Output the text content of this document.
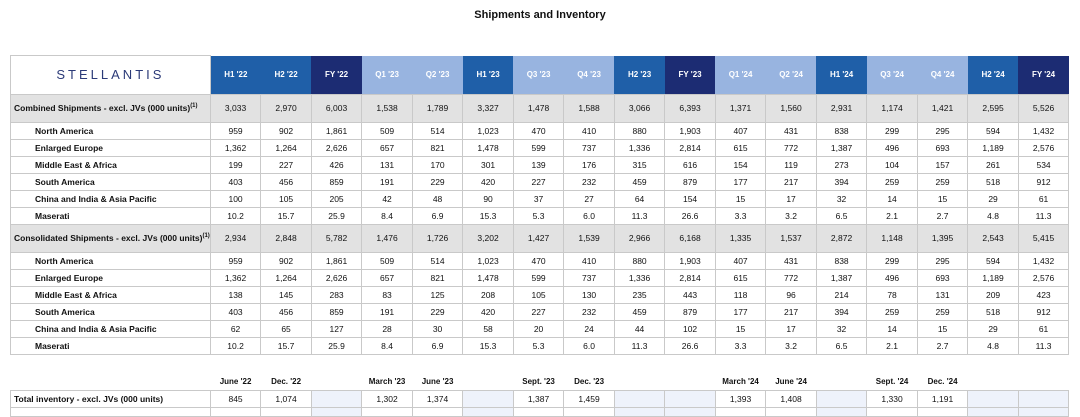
Shipments and Inventory
STELLANTIS	H1 '22	H2 '22	FY '22	Q1 '23	Q2 '23	H1 '23	Q3 '23	Q4 '23	H2 '23	FY '23	Q1 '24	Q2 '24	H1 '24	Q3 '24	Q4 '24	H2 '24	FY '24
Combined Shipments - excl. JVs (000 units)$^{(1)}$	3,033	2,970	6,003	1,538	1,789	3,327	1,478	1,588	3,066	6,393	1,371	1,560	2,931	1,174	1,421	2,595	5,526
North America	959	902	1,861	509	514	1,023	470	410	880	1,903	407	431	838	299	295	594	1,432
Enlarged Europe	1,362	1,264	2,626	657	821	1,478	599	737	1,336	2,814	615	772	1,387	496	693	1,189	2,576
Middle East & Africa	199	227	426	131	170	301	139	176	315	616	154	119	273	104	157	261	534
South America	403	456	859	191	229	420	227	232	459	879	177	217	394	259	259	518	912
China and India & Asia Pacific	100	105	205	42	48	90	37	27	64	154	15	17	32	14	15	29	61
Maserati	10.2	15.7	25.9	8.4	6.9	15.3	5.3	6.0	11.3	26.6	3.3	3.2	6.5	2.1	2.7	4.8	11.3
Consolidated Shipments - excl. JVs (000 units)$^{(1)}$	2,934	2,848	5,782	1,476	1,726	3,202	1,427	1,539	2,966	6,168	1,335	1,537	2,872	1,148	1,395	2,543	5,415
North America	959	902	1,861	509	514	1,023	470	410	880	1,903	407	431	838	299	295	594	1,432
Enlarged Europe	1,362	1,264	2,626	657	821	1,478	599	737	1,336	2,814	615	772	1,387	496	693	1,189	2,576
Middle East & Africa	138	145	283	83	125	208	105	130	235	443	118	96	214	78	131	209	423
South America	403	456	859	191	229	420	227	232	459	879	177	217	394	259	259	518	912
China and India & Asia Pacific	62	65	127	28	30	58	20	24	44	102	15	17	32	14	15	29	61
Maserati	10.2	15.7	25.9	8.4	6.9	15.3	5.3	6.0	11.3	26.6	3.3	3.2	6.5	2.1	2.7	4.8	11.3

	June '22	Dec. '22		March '23	June '23		Sept. '23	Dec. '23			March '24	June '24		Sept. '24	Dec. '24		
Total inventory - excl. JVs (000 units)	845	1,074		1,302	1,374		1,387	1,459			1,393	1,408		1,330	1,191		
